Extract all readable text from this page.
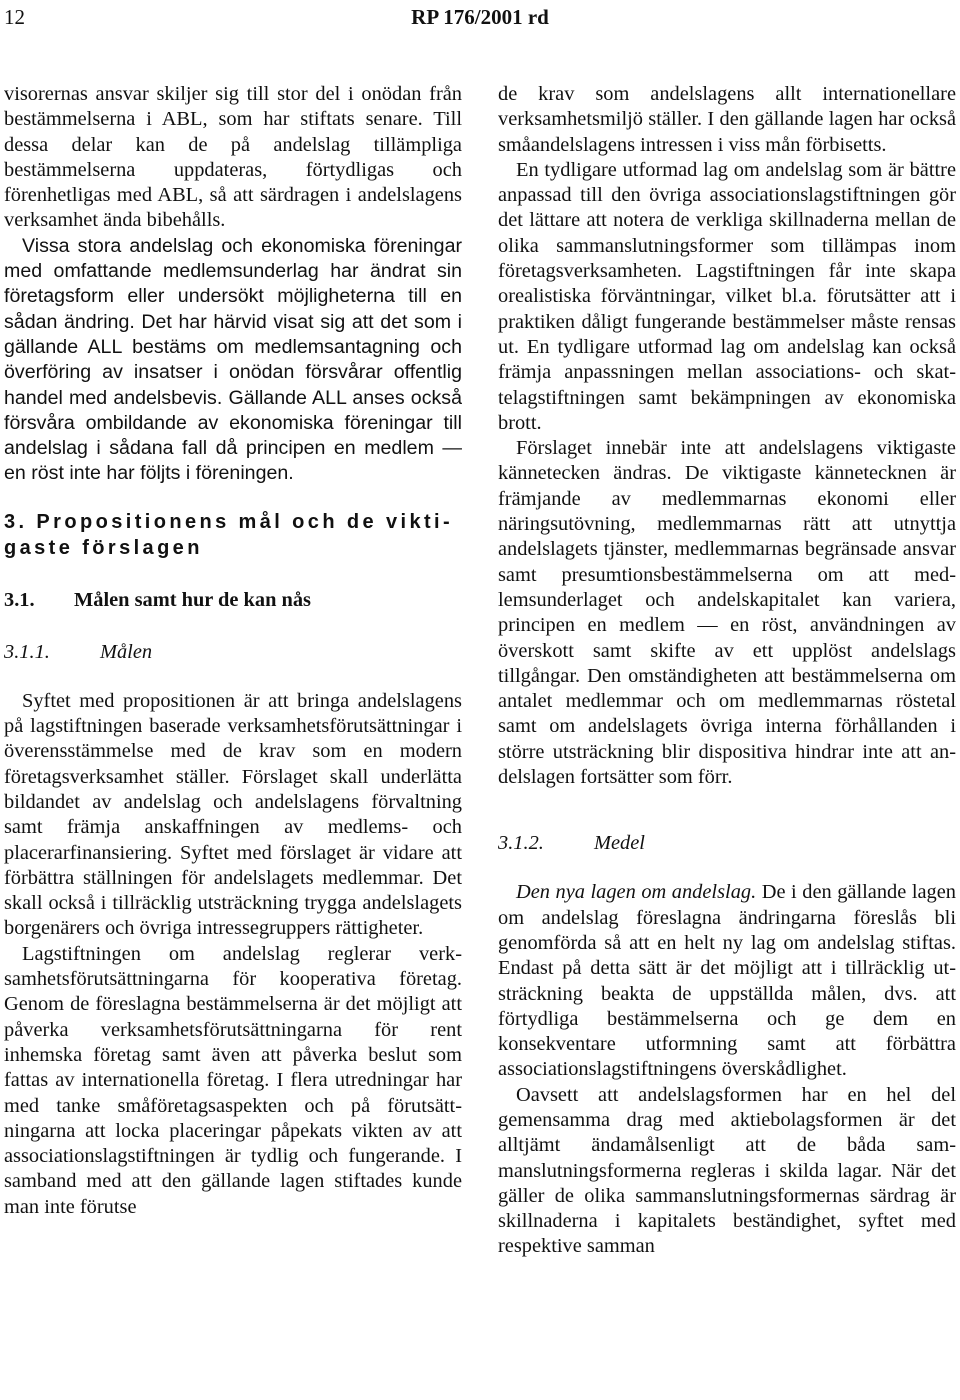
12	RP 176/2001 rd

visorernas ansvar skiljer sig till stor del i onödan från bestämmelserna i ABL, som har stiftats senare. Till dessa delar kan de på andelslag tillämpliga bestämmelserna uppdateras, förtydligas och förenhetligas med ABL, så att särdragen i andelslagens verksamhet ända bibehålls.

Vissa stora andelslag och ekonomiska föreningar med omfattande medlemsunderlag har ändrat sin företagsform eller undersökt möjligheterna till en sådan ändring. Det har härvid visat sig att det som i gällande ALL bestäms om medlemsantagning och överföring av insatser i onödan försvårar offentlig handel med andelsbevis. Gällande ALL anses också försvåra ombildande av ekonomiska föreningar till andelslag i sådana fall då principen en medlem — en röst inte har följts i föreningen.

3. Propositionens mål och de viktigaste förslagen
3.1. Målen samt hur de kan nås
3.1.1. Målen

Syftet med propositionen är att bringa andelslagens på lagstiftningen baserade verksamhetsförutsättningar i överensstämmelse med de krav som en modern företagsverksamhet ställer. Förslaget skall underlätta bildandet av andelslag och andelslagens förvaltning samt främja anskaffningen av medlems- och placerarfinansiering. Syftet med förslaget är vidare att förbättra ställningen för andelslagets medlemmar. Det skall också i tillräcklig utsträckning trygga andelslagets borgenärers och övriga intressegruppers rättigheter.

Lagstiftningen om andelslag reglerar verksamhetsförutsättningarna för kooperativa företag. Genom de föreslagna bestämmelserna är det möjligt att påverka verksamhetsförutsättningarna för rent inhemska företag samt även att påverka beslut som fattas av internationella företag. I flera utredningar har med tanke småföretagsaspekten och på förutsättningarna att locka placeringar påpekats vikten av att associationslagstiftningen är tydlig och fungerande. I samband med att den gällande lagen stiftades kunde man inte förutse

de krav som andelslagens allt internationellare verksamhetsmiljö ställer. I den gällande lagen har också småandelslagens intressen i viss mån förbisetts.

En tydligare utformad lag om andelslag som är bättre anpassad till den övriga associationslagstiftningen gör det lättare att notera de verkliga skillnaderna mellan de olika sammanslutningsformer som tillämpas inom företagsverksamheten. Lagstiftningen får inte skapa orealistiska förväntningar, vilket bl.a. förutsätter att i praktiken dåligt fungerande bestämmelser måste rensas ut. En tydligare utformad lag om andelslag kan också främja anpassningen mellan associations- och skattelagstiftningen samt bekämpningen av ekonomiska brott.

Förslaget innebär inte att andelslagens viktigaste kännetecken ändras. De viktigaste kännetecknen är främjande av medlemmarnas ekonomi eller näringsutövning, medlemmarnas rätt att utnyttja andelslagets tjänster, medlemmarnas begränsade ansvar samt presumtionsbestämmelserna om att medlemsunderlaget och andelskapitalet kan variera, principen en medlem — en röst, användningen av överskott samt skifte av ett upplöst andelslags tillgångar. Den omständigheten att bestämmelserna om antalet medlemmar och om medlemmarnas röstetal samt om andelslagets övriga interna förhållanden i större utsträckning blir dispositiva hindrar inte att andelslagen fortsätter som förr.

3.1.2. Medel

Den nya lagen om andelslag. De i den gällande lagen om andelslag föreslagna ändringarna föreslås bli genomförda så att en helt ny lag om andelslag stiftas. Endast på detta sätt är det möjligt att i tillräcklig utsträckning beakta de uppställda målen, dvs. att förtydliga bestämmelserna och ge dem en konsekventare utformning samt att förbättra associationslagstiftningens överskådlighet.

Oavsett att andelslagsformen har en hel del gemensamma drag med aktiebolagsformen är det alltjämt ändamålsenligt att de båda sammanslutningsformerna regleras i skilda lagar. När det gäller de olika sammanslutningsformernas särdrag är skillnaderna i kapitalets beständighet, syftet med respektive samman
